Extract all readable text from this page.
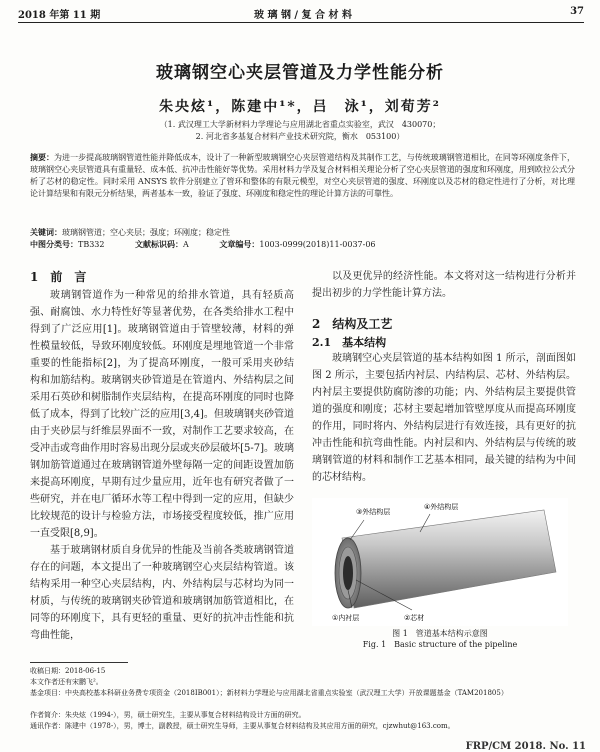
2018 年第 11 期	玻 璃 钢 / 复 合 材 料	37
玻璃钢空心夹层管道及力学性能分析
朱央炫¹，陈建中¹*，吕　泳¹，刘荀芳²
（1. 武汉理工大学新材料力学理论与应用湖北省重点实验室，武汉　430070；
2. 河北省多基复合材料产业技术研究院，衡水　053100）
摘要：为进一步提高玻璃钢管道性能并降低成本，设计了一种新型玻璃钢空心夹层管道结构及其制作工艺，与传统玻璃钢管道相比，在同等环刚度条件下，玻璃钢空心夹层管道具有重量轻、成本低、抗冲击性能好等优势。采用材料力学及复合材料相关理论分析了空心夹层管道的强度和环刚度，用到欧拉公式分析了芯材的稳定性。同时采用 ANSYS 软件分别建立了管环和整体的有限元模型，对空心夹层管道的强度、环刚度以及芯材的稳定性进行了分析，对比理论计算结果和有限元分析结果，两者基本一致，验证了强度、环刚度和稳定性的理论计算方法的可靠性。
关键词：玻璃钢管道；空心夹层；强度；环刚度；稳定性
中图分类号：TB332	文献标识码：A	文章编号：1003-0999(2018)11-0037-06
1　前　言

玻璃钢管道作为一种常见的给排水管道，具有轻质高强、耐腐蚀、水力特性好等显著优势，在各类给排水工程中得到了广泛应用[1]。玻璃钢管道由于管壁较薄，材料的弹性模量较低，导致环刚度较低。环刚度是埋地管道一个非常重要的性能指标[2]，为了提高环刚度，一般可采用夹砂结构和加筋结构。玻璃钢夹砂管道是在管道内、外结构层之间采用石英砂和树脂制作夹层结构，在提高环刚度的同时也降低了成本，得到了比较广泛的应用[3,4]。但玻璃钢夹砂管道由于夹砂层与纤维层界面不一致，对制作工艺要求较高，在受冲击或弯曲作用时容易出现分层或夹砂层破坏[5-7]。玻璃钢加筋管道通过在玻璃钢管道外壁每隔一定的间距设置加筋来提高环刚度，早期有过少量应用，近年也有研究者做了一些研究，并在电厂循环水等工程中得到一定的应用，但缺少比较规范的设计与检验方法，市场接受程度较低，推广应用一直受限[8,9]。

基于玻璃钢材质自身优异的性能及当前各类玻璃钢管道存在的问题，本文提出了一种玻璃钢空心夹层结构管道。该结构采用一种空心夹层结构，内、外结构层与芯材均为同一材质，与传统的玻璃钢夹砂管道和玻璃钢加筋管道相比，在同等的环刚度下，具有更轻的重量、更好的抗冲击性能和抗弯曲性能，

以及更优异的经济性能。本文将对这一结构进行分析并提出初步的力学性能计算方法。

2　结构及工艺
2.1　基本结构

玻璃钢空心夹层管道的基本结构如图 1 所示，剖面图如图 2 所示，主要包括内衬层、内结构层、芯材、外结构层。内衬层主要提供防腐防渗的功能；内、外结构层主要提供管道的强度和刚度；芯材主要起增加管壁厚度从而提高环刚度的作用，同时将内、外结构层进行有效连接，具有更好的抗冲击性能和抗弯曲性能。内衬层和内、外结构层与传统的玻璃钢管道的材料和制作工艺基本相同，最关键的结构为中间的芯材结构。

③外结构层
④外结构层
①内衬层	②芯材
图 1　管道基本结构示意图
Fig. 1　Basic structure of the pipeline
收稿日期：2018-06-15
本文作者还有宋鹏飞²。
基金项目：中央高校基本科研业务费专项资金（2018IB001）；新材料力学理论与应用湖北省重点实验室（武汉理工大学）开放课题基金（TAM201805）
作者简介：朱央炫（1994-），男，硕士研究生，主要从事复合材料结构设计方面的研究。
通讯作者：陈建中（1978-），男，博士，副教授，硕士研究生导师，主要从事复合材料结构及其应用方面的研究，cjzwhut@163.com。
FRP/CM 2018. No. 11
